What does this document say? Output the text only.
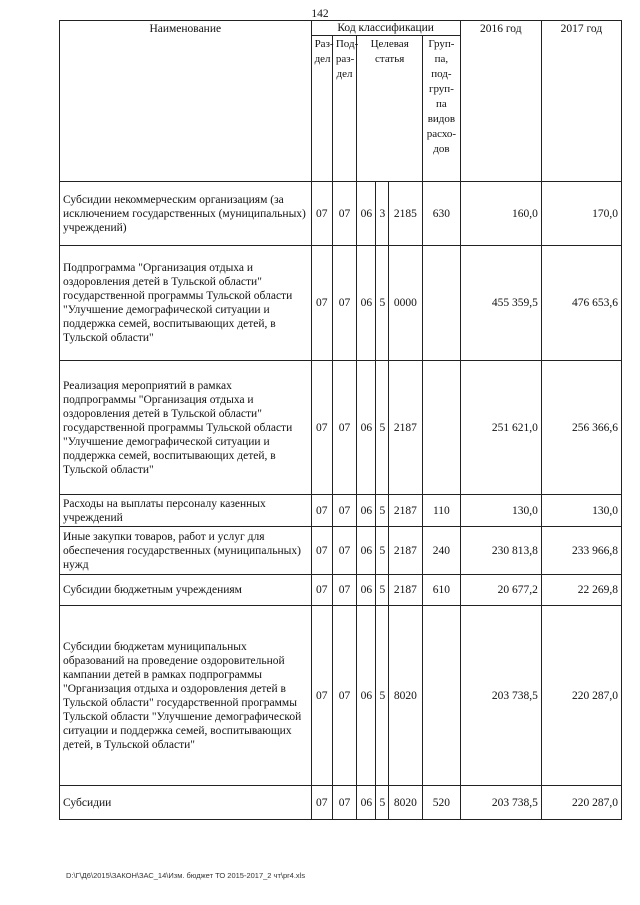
142
Наименование	Код классификации						2016 год	2017 год
	Раз-дел	Под-раз-дел	Целевая статья			Груп-па, под-груп-па видов расхо-дов		
Субсидии некоммерческим организациям (за исключением государственных (муниципальных) учреждений)	07	07	06	3	2185	630	160,0	170,0
Подпрограмма "Организация отдыха и оздоровления детей в Тульской области" государственной программы Тульской области "Улучшение демографической ситуации и поддержка семей, воспитывающих детей, в Тульской области"	07	07	06	5	0000		455 359,5	476 653,6
Реализация мероприятий в рамках подпрограммы "Организация отдыха и оздоровления детей в Тульской области" государственной программы Тульской области "Улучшение демографической ситуации и поддержка семей, воспитывающих детей, в Тульской области"	07	07	06	5	2187		251 621,0	256 366,6
Расходы на выплаты персоналу казенных учреждений	07	07	06	5	2187	110	130,0	130,0
Иные закупки товаров, работ и услуг для обеспечения государственных (муниципальных) нужд	07	07	06	5	2187	240	230 813,8	233 966,8
Субсидии бюджетным учреждениям	07	07	06	5	2187	610	20 677,2	22 269,8
Субсидии бюджетам муниципальных образований на проведение оздоровительной кампании детей в рамках подпрограммы "Организация отдыха и оздоровления детей в Тульской области" государственной программы Тульской области "Улучшение демографической ситуации и поддержка семей, воспитывающих детей, в Тульской области"	07	07	06	5	8020		203 738,5	220 287,0
Субсидии	07	07	06	5	8020	520	203 738,5	220 287,0
D:\Г\Д6\2015\ЗАКОН\ЗАС_14\Изм. бюджет ТО 2015-2017_2 чт\pr4.xls
